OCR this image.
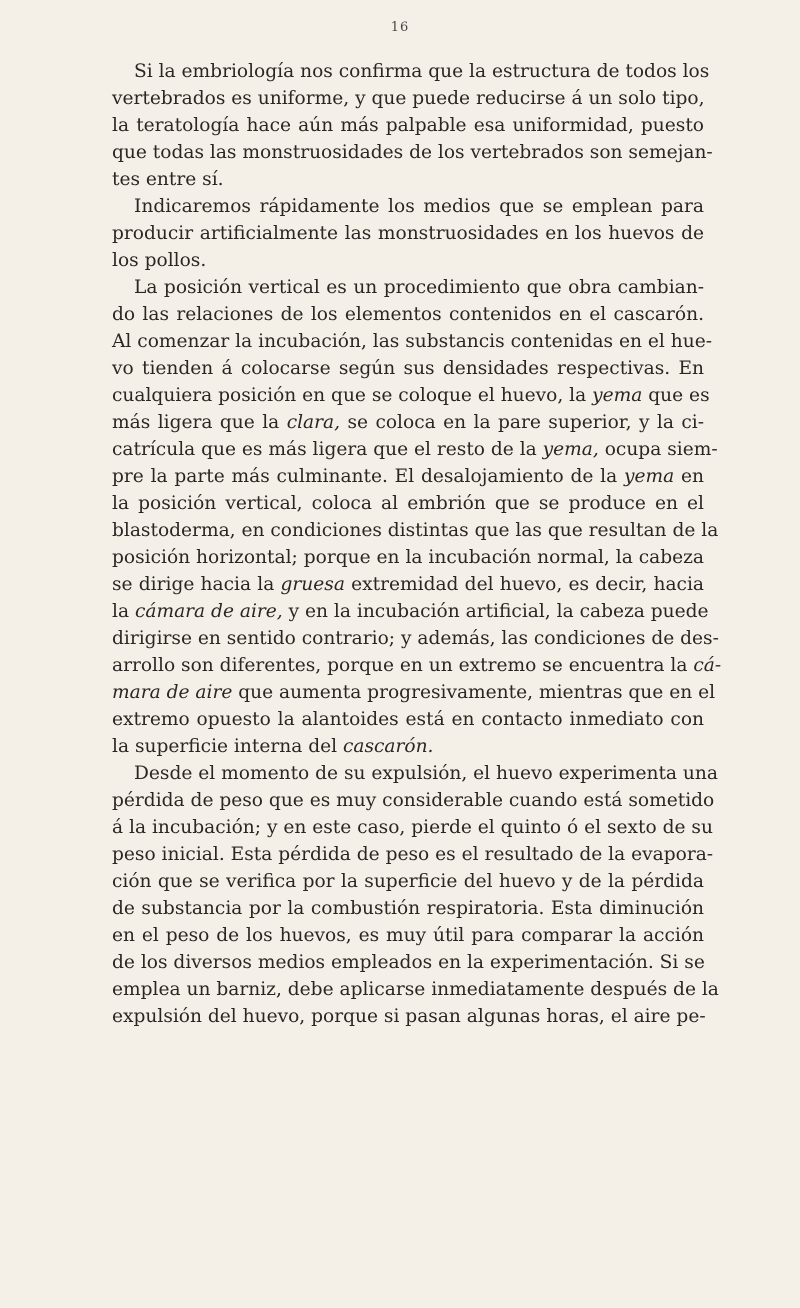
16
Si la embriología nos confirma que la estructura de todos los
vertebrados es uniforme, y que puede reducirse á un solo tipo,
la teratología hace aún más palpable esa uniformidad, puesto
que todas las monstruosidades de los vertebrados son semejan-
tes entre sí.
Indicaremos rápidamente los medios que se emplean para
producir artificialmente las monstruosidades en los huevos de
los pollos.
La posición vertical es un procedimiento que obra cambian-
do las relaciones de los elementos contenidos en el cascarón.
Al comenzar la incubación, las substancis contenidas en el hue-
vo tienden á colocarse según sus densidades respectivas. En
cualquiera posición en que se coloque el huevo, la yema que es
más ligera que la clara, se coloca en la pare superior, y la ci-
catrícula que es más ligera que el resto de la yema, ocupa siem-
pre la parte más culminante. El desalojamiento de la yema en
la posición vertical, coloca al embrión que se produce en el
blastoderma, en condiciones distintas que las que resultan de la
posición horizontal; porque en la incubación normal, la cabeza
se dirige hacia la gruesa extremidad del huevo, es decir, hacia
la cámara de aire, y en la incubación artificial, la cabeza puede
dirigirse en sentido contrario; y además, las condiciones de des-
arrollo son diferentes, porque en un extremo se encuentra la cá-
mara de aire que aumenta progresivamente, mientras que en el
extremo opuesto la alantoides está en contacto inmediato con
la superficie interna del cascarón.
Desde el momento de su expulsión, el huevo experimenta una
pérdida de peso que es muy considerable cuando está sometido
á la incubación; y en este caso, pierde el quinto ó el sexto de su
peso inicial. Esta pérdida de peso es el resultado de la evapora-
ción que se verifica por la superficie del huevo y de la pérdida
de substancia por la combustión respiratoria. Esta diminución
en el peso de los huevos, es muy útil para comparar la acción
de los diversos medios empleados en la experimentación. Si se
emplea un barniz, debe aplicarse inmediatamente después de la
expulsión del huevo, porque si pasan algunas horas, el aire pe-
